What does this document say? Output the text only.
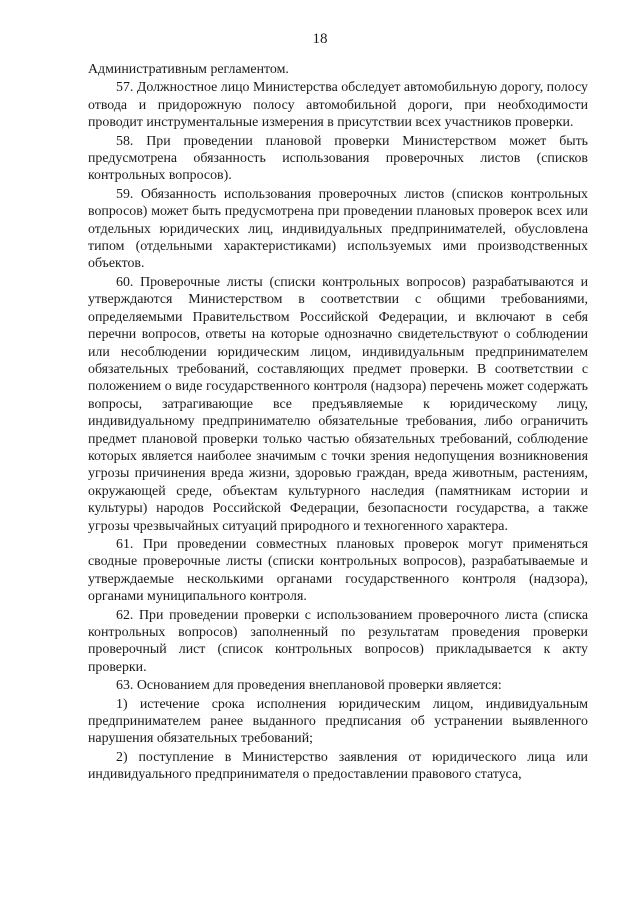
18

Административным регламентом.

57. Должностное лицо Министерства обследует автомобильную дорогу, полосу отвода и придорожную полосу автомобильной дороги, при необходимости проводит инструментальные измерения в присутствии всех участников проверки.

58. При проведении плановой проверки Министерством может быть предусмотрена обязанность использования проверочных листов (списков контрольных вопросов).

59. Обязанность использования проверочных листов (списков контрольных вопросов) может быть предусмотрена при проведении плановых проверок всех или отдельных юридических лиц, индивидуальных предпринимателей, обусловлена типом (отдельными характеристиками) используемых ими производственных объектов.

60. Проверочные листы (списки контрольных вопросов) разрабатываются и утверждаются Министерством в соответствии с общими требованиями, определяемыми Правительством Российской Федерации, и включают в себя перечни вопросов, ответы на которые однозначно свидетельствуют о соблюдении или несоблюдении юридическим лицом, индивидуальным предпринимателем обязательных требований, составляющих предмет проверки. В соответствии с положением о виде государственного контроля (надзора) перечень может содержать вопросы, затрагивающие все предъявляемые к юридическому лицу, индивидуальному предпринимателю обязательные требования, либо ограничить предмет плановой проверки только частью обязательных требований, соблюдение которых является наиболее значимым с точки зрения недопущения возникновения угрозы причинения вреда жизни, здоровью граждан, вреда животным, растениям, окружающей среде, объектам культурного наследия (памятникам истории и культуры) народов Российской Федерации, безопасности государства, а также угрозы чрезвычайных ситуаций природного и техногенного характера.

61. При проведении совместных плановых проверок могут применяться сводные проверочные листы (списки контрольных вопросов), разрабатываемые и утверждаемые несколькими органами государственного контроля (надзора), органами муниципального контроля.

62. При проведении проверки с использованием проверочного листа (списка контрольных вопросов) заполненный по результатам проведения проверки проверочный лист (список контрольных вопросов) прикладывается к акту проверки.

63. Основанием для проведения внеплановой проверки является:

1) истечение срока исполнения юридическим лицом, индивидуальным предпринимателем ранее выданного предписания об устранении выявленного нарушения обязательных требований;

2) поступление в Министерство заявления от юридического лица или индивидуального предпринимателя о предоставлении правового статуса,
